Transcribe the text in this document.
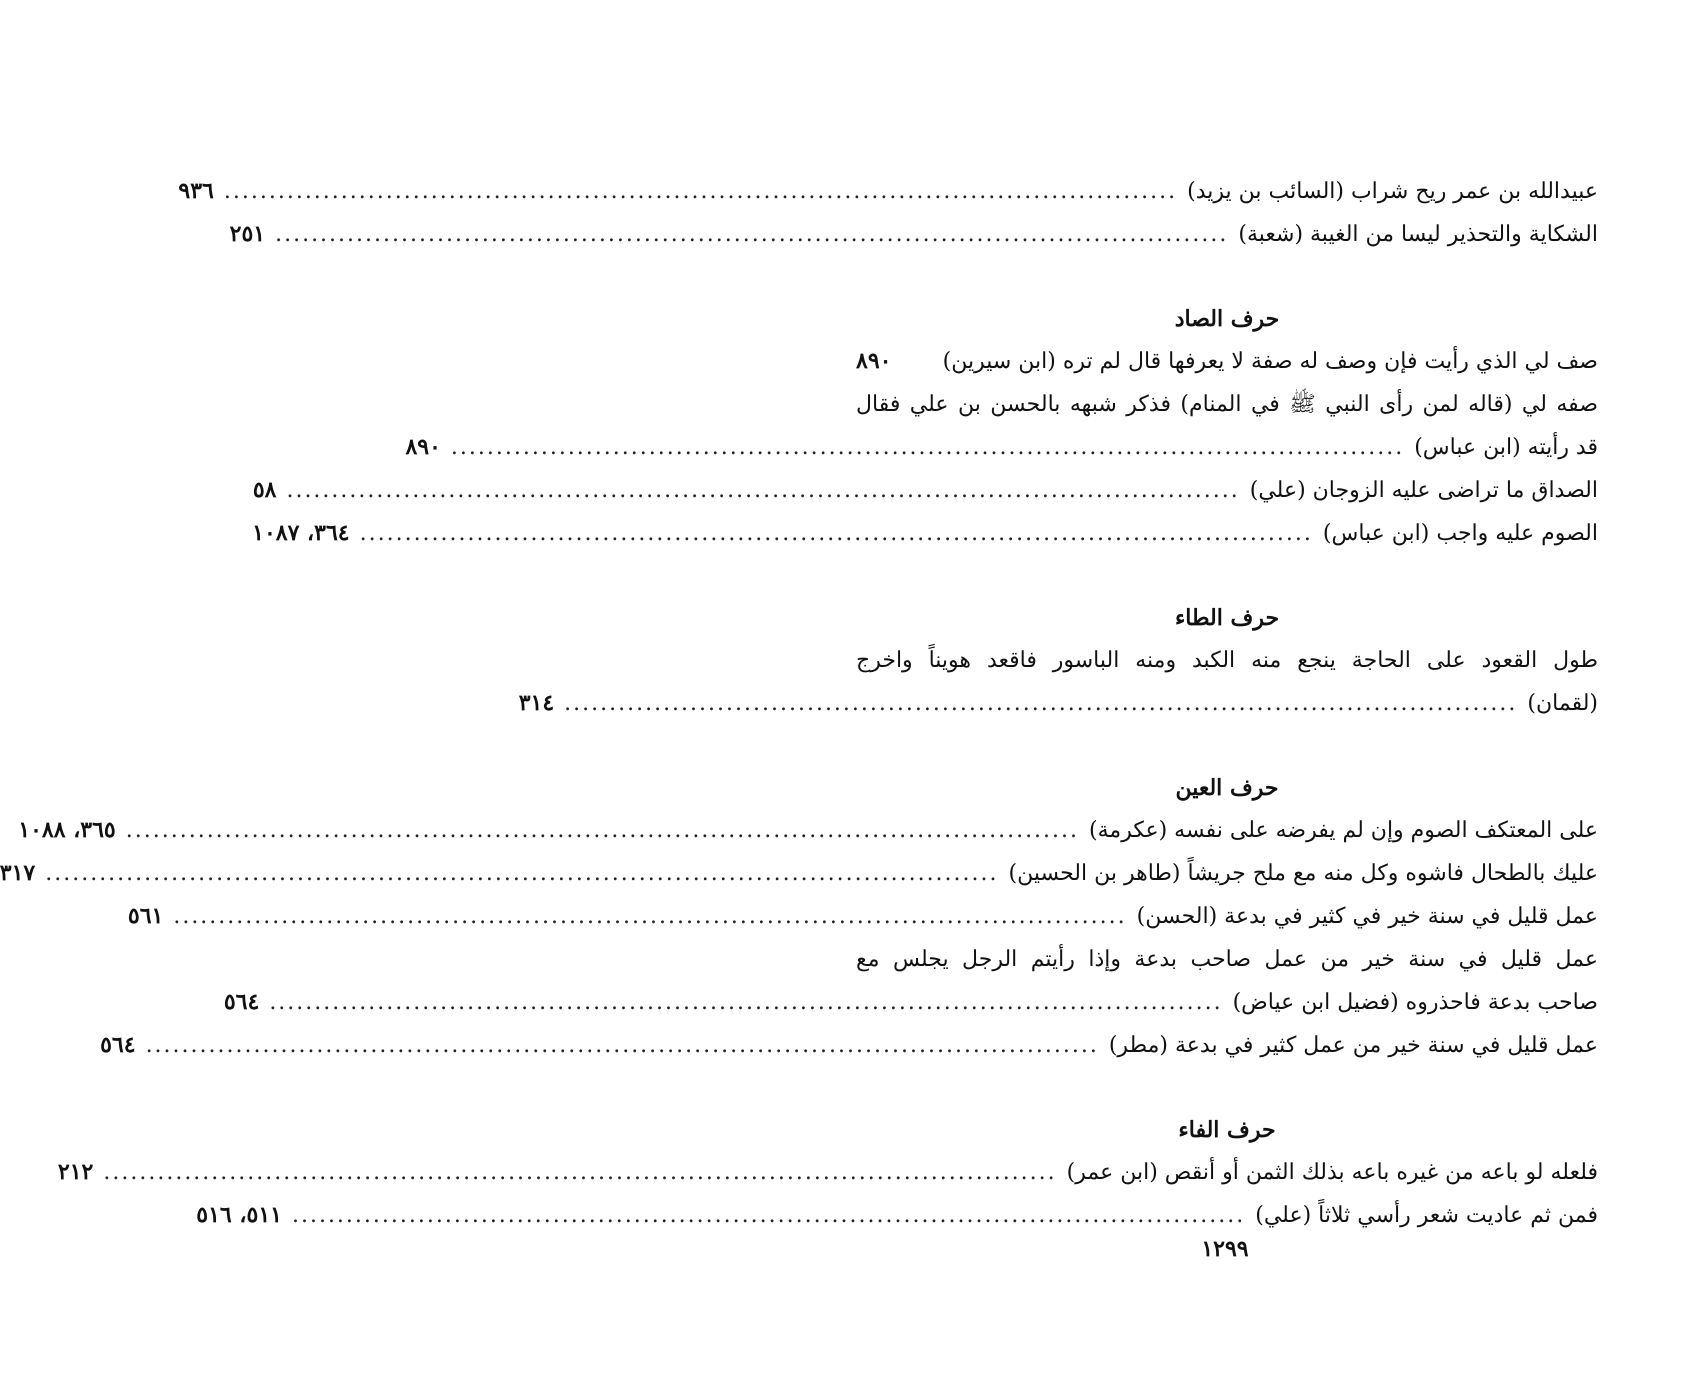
عبيدالله بن عمر ريح شراب (السائب بن يزيد)
..........................................................................................................
٩٣٦
الشكاية والتحذير ليسا من الغيبة (شعبة)
..........................................................................................................
٢٥١
حرف الصاد
صف لي الذي رأيت فإن وصف له صفة لا يعرفها قال لم تره (ابن سيرين)
٨٩٠
صفه لي (قاله لمن رأى النبي ﷺ في المنام) فذكر شبهه بالحسن بن علي فقال
قد رأيته (ابن عباس)
..........................................................................................................
٨٩٠
الصداق ما تراضى عليه الزوجان (علي)
..........................................................................................................
٥٨
الصوم عليه واجب (ابن عباس)
..........................................................................................................
٣٦٤، ١٠٨٧
حرف الطاء
طول القعود على الحاجة ينجع منه الكبد ومنه الباسور فاقعد هويناً واخرج
(لقمان)
..........................................................................................................
٣١٤
حرف العين
على المعتكف الصوم وإن لم يفرضه على نفسه (عكرمة)
..........................................................................................................
٣٦٥، ١٠٨٨
عليك بالطحال فاشوه وكل منه مع ملح جريشاً (طاهر بن الحسين)
..........................................................................................................
٣١٧
عمل قليل في سنة خير في كثير في بدعة (الحسن)
..........................................................................................................
٥٦١
عمل قليل في سنة خير من عمل صاحب بدعة وإذا رأيتم الرجل يجلس مع
صاحب بدعة فاحذروه (فضيل ابن عياض)
..........................................................................................................
٥٦٤
عمل قليل في سنة خير من عمل كثير في بدعة (مطر)
..........................................................................................................
٥٦٤
حرف الفاء
فلعله لو باعه من غيره باعه بذلك الثمن أو أنقص (ابن عمر)
..........................................................................................................
٢١٢
فمن ثم عاديت شعر رأسي ثلاثاً (علي)
..........................................................................................................
٥١١، ٥١٦
١٢٩٩
